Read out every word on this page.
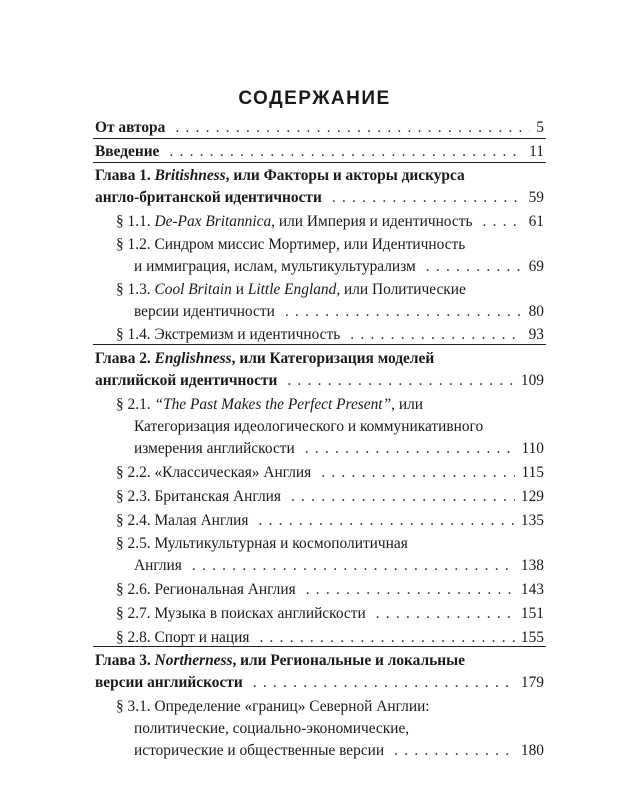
СОДЕРЖАНИЕ
От автора . . .	5
Введение . . .	11
Глава 1. Britishness, или Факторы и акторы дискурса
англо-британской идентичности . . .	59
§ 1.1. De-Pax Britannica, или Империя и идентичность . . .	61
§ 1.2. Синдром миссис Мортимер, или Идентичность
и иммиграция, ислам, мультикультурализм . . .	69
§ 1.3. Cool Britain и Little England, или Политические
версии идентичности . . .	80
§ 1.4. Экстремизм и идентичность . . .	93
Глава 2. Englishness, или Категоризация моделей
английской идентичности . . .	109
§ 2.1. “The Past Makes the Perfect Present”, или
Категоризация идеологического и коммуникативного
измерения английскости . . .	110
§ 2.2. «Классическая» Англия . . .	115
§ 2.3. Британская Англия . . .	129
§ 2.4. Малая Англия . . .	135
§ 2.5. Мультикультурная и космополитичная
Англия . . .	138
§ 2.6. Региональная Англия . . .	143
§ 2.7. Музыка в поисках английскости . . .	151
§ 2.8. Спорт и нация . . .	155
Глава 3. Northerness, или Региональные и локальные
версии английскости . . .	179
§ 3.1. Определение «границ» Северной Англии:
политические, социально-экономические,
исторические и общественные версии . . .	180
